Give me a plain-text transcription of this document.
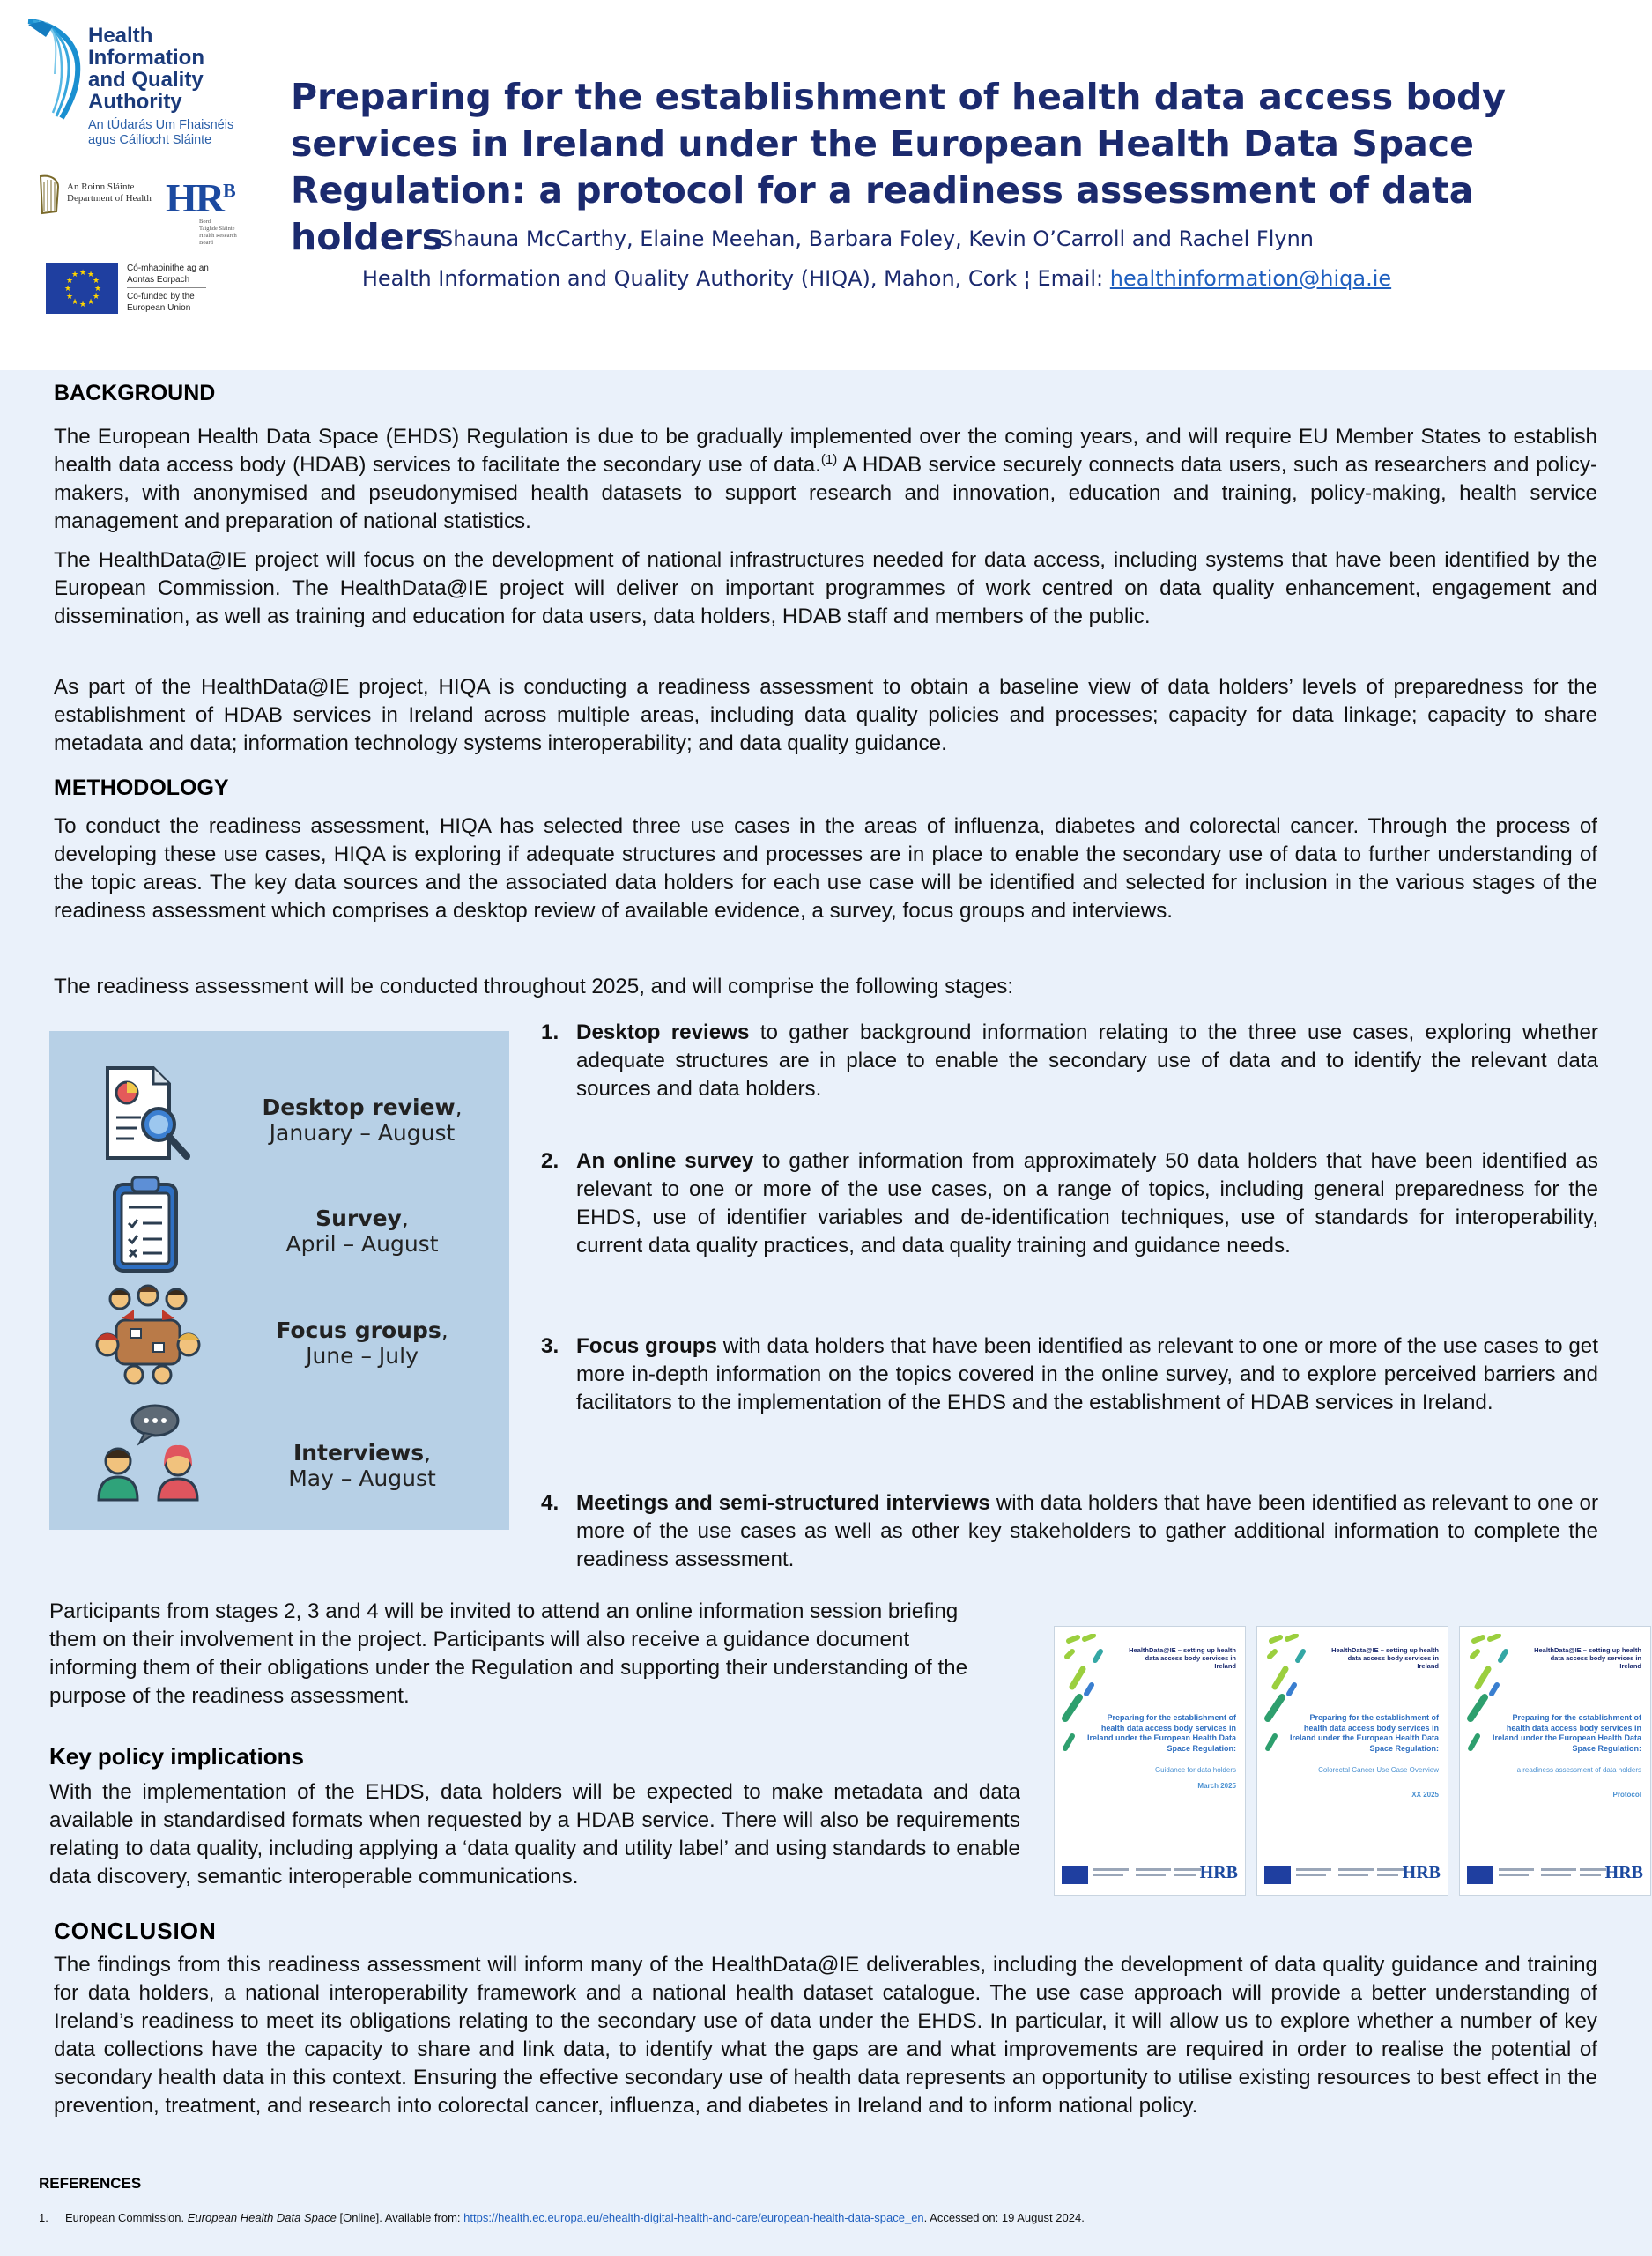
Health
Information
and Quality
Authority
An tÚdarás Um Fhaisnéis
agus Cáilíocht Sláinte
An Roinn Sláinte
Department of Health $HR^B$
Bord
Taighde Sláinte
Health Research
Board
★ ★
★
★
★
★
★
★
★
★
★
★
Có-mhaoinithe ag an
Aontas Eorpach
Co-funded by the
European Union
Preparing for the establishment of health data access body
services in Ireland under the European Health Data Space
Regulation: a protocol for a readiness assessment of data holders
Shauna McCarthy, Elaine Meehan, Barbara Foley, Kevin O’Carroll and Rachel Flynn
Health Information and Quality Authority (HIQA), Mahon, Cork ¦ Email: healthinformation@hiqa.ie
BACKGROUND
The European Health Data Space (EHDS) Regulation is due to be gradually implemented over the coming years, and will require EU Member States to establish health data access body (HDAB) services to facilitate the secondary use of data.$^{(1)}$ A HDAB service securely connects data users, such as researchers and policy-makers, with anonymised and pseudonymised health datasets to support research and innovation, education and training, policy-making, health service management and preparation of national statistics.
The HealthData@IE project will focus on the development of national infrastructures needed for data access, including systems that have been identified by the European Commission. The HealthData@IE project will deliver on important programmes of work centred on data quality enhancement, engagement and dissemination, as well as training and education for data users, data holders, HDAB staff and members of the public.
As part of the HealthData@IE project, HIQA is conducting a readiness assessment to obtain a baseline view of data holders’ levels of preparedness for the establishment of HDAB services in Ireland across multiple areas, including data quality policies and processes; capacity for data linkage; capacity to share metadata and data; information technology systems interoperability; and data quality guidance.
METHODOLOGY
To conduct the readiness assessment, HIQA has selected three use cases in the areas of influenza, diabetes and colorectal cancer. Through the process of developing these use cases, HIQA is exploring if adequate structures and processes are in place to enable the secondary use of data to further understanding of the topic areas. The key data sources and the associated data holders for each use case will be identified and selected for inclusion in the various stages of the readiness assessment which comprises a desktop review of available evidence, a survey, focus groups and interviews.
The readiness assessment will be conducted throughout 2025, and will comprise the following stages:
Desktop review,
January – August
Survey,
April – August
Focus groups,
June – July
Interviews,
May – August
1. Desktop reviews to gather background information relating to the three use cases, exploring whether adequate structures are in place to enable the secondary use of data and to identify the relevant data sources and data holders.
2. An online survey to gather information from approximately 50 data holders that have been identified as relevant to one or more of the use cases, on a range of topics, including general preparedness for the EHDS, use of identifier variables and de-identification techniques, use of standards for interoperability, current data quality practices, and data quality training and guidance needs.
3. Focus groups with data holders that have been identified as relevant to one or more of the use cases to get more in-depth information on the topics covered in the online survey, and to explore perceived barriers and facilitators to the implementation of the EHDS and the establishment of HDAB services in Ireland.
4. Meetings and semi-structured interviews with data holders that have been identified as relevant to one or more of the use cases as well as other key stakeholders to gather additional information to complete the readiness assessment.
Participants from stages 2, 3 and 4 will be invited to attend an online information session briefing them on their involvement in the project. Participants will also receive a guidance document informing them of their obligations under the Regulation and supporting their understanding of the purpose of the readiness assessment.
Key policy implications
With the implementation of the EHDS, data holders will be expected to make metadata and data available in standardised formats when requested by a HDAB service. There will also be requirements relating to data quality, including applying a ‘data quality and utility label’ and using standards to enable data discovery, semantic interoperable communications.
HealthData@IE – setting up health data access body services in Ireland
Preparing for the establishment of health data access body services in Ireland under the European Health Data Space Regulation:
Guidance for data holders
March 2025
HRB
HealthData@IE – setting up health data access body services in Ireland
Preparing for the establishment of health data access body services in Ireland under the European Health Data Space Regulation:
Colorectal Cancer Use Case Overview
XX 2025
HRB
HealthData@IE – setting up health data access body services in Ireland
Preparing for the establishment of health data access body services in Ireland under the European Health Data Space Regulation:
a readiness assessment of data holders
Protocol
HRB
CONCLUSION
The findings from this readiness assessment will inform many of the HealthData@IE deliverables, including the development of data quality guidance and training for data holders, a national interoperability framework and a national health dataset catalogue. The use case approach will provide a better understanding of Ireland’s readiness to meet its obligations relating to the secondary use of data under the EHDS. In particular, it will allow us to explore whether a number of key data collections have the capacity to share and link data, to identify what the gaps are and what improvements are required in order to realise the potential of secondary health data in this context. Ensuring the effective secondary use of health data represents an opportunity to utilise existing resources to best effect in the prevention, treatment, and research into colorectal cancer, influenza, and diabetes in Ireland and to inform national policy.
REFERENCES
1. European Commission. European Health Data Space [Online]. Available from: https://health.ec.europa.eu/ehealth-digital-health-and-care/european-health-data-space_en. Accessed on: 19 August 2024.
